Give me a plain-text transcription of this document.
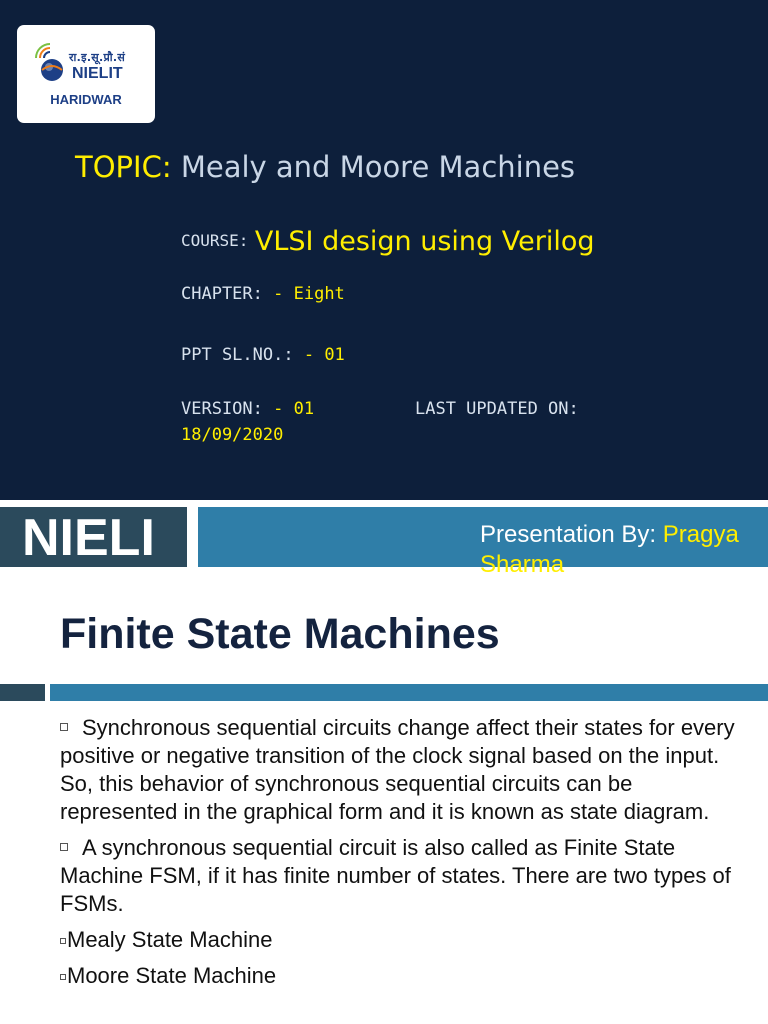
रा.इ.सू.प्रौ.सं
NIELIT
HARIDWAR
TOPIC: Mealy and Moore Machines
COURSE: VLSI design using Verilog
CHAPTER: - Eight
PPT SL.NO.: - 01
VERSION: - 01	LAST UPDATED ON:
18/09/2020
NIELI	Presentation By: Pragya Sharma
Finite State Machines
Synchronous sequential circuits change affect their states for every positive or negative transition of the clock signal based on the input. So, this behavior of synchronous sequential circuits can be represented in the graphical form and it is known as state diagram.
A synchronous sequential circuit is also called as Finite State Machine FSM, if it has finite number of states. There are two types of FSMs.
Mealy State Machine
Moore State Machine
